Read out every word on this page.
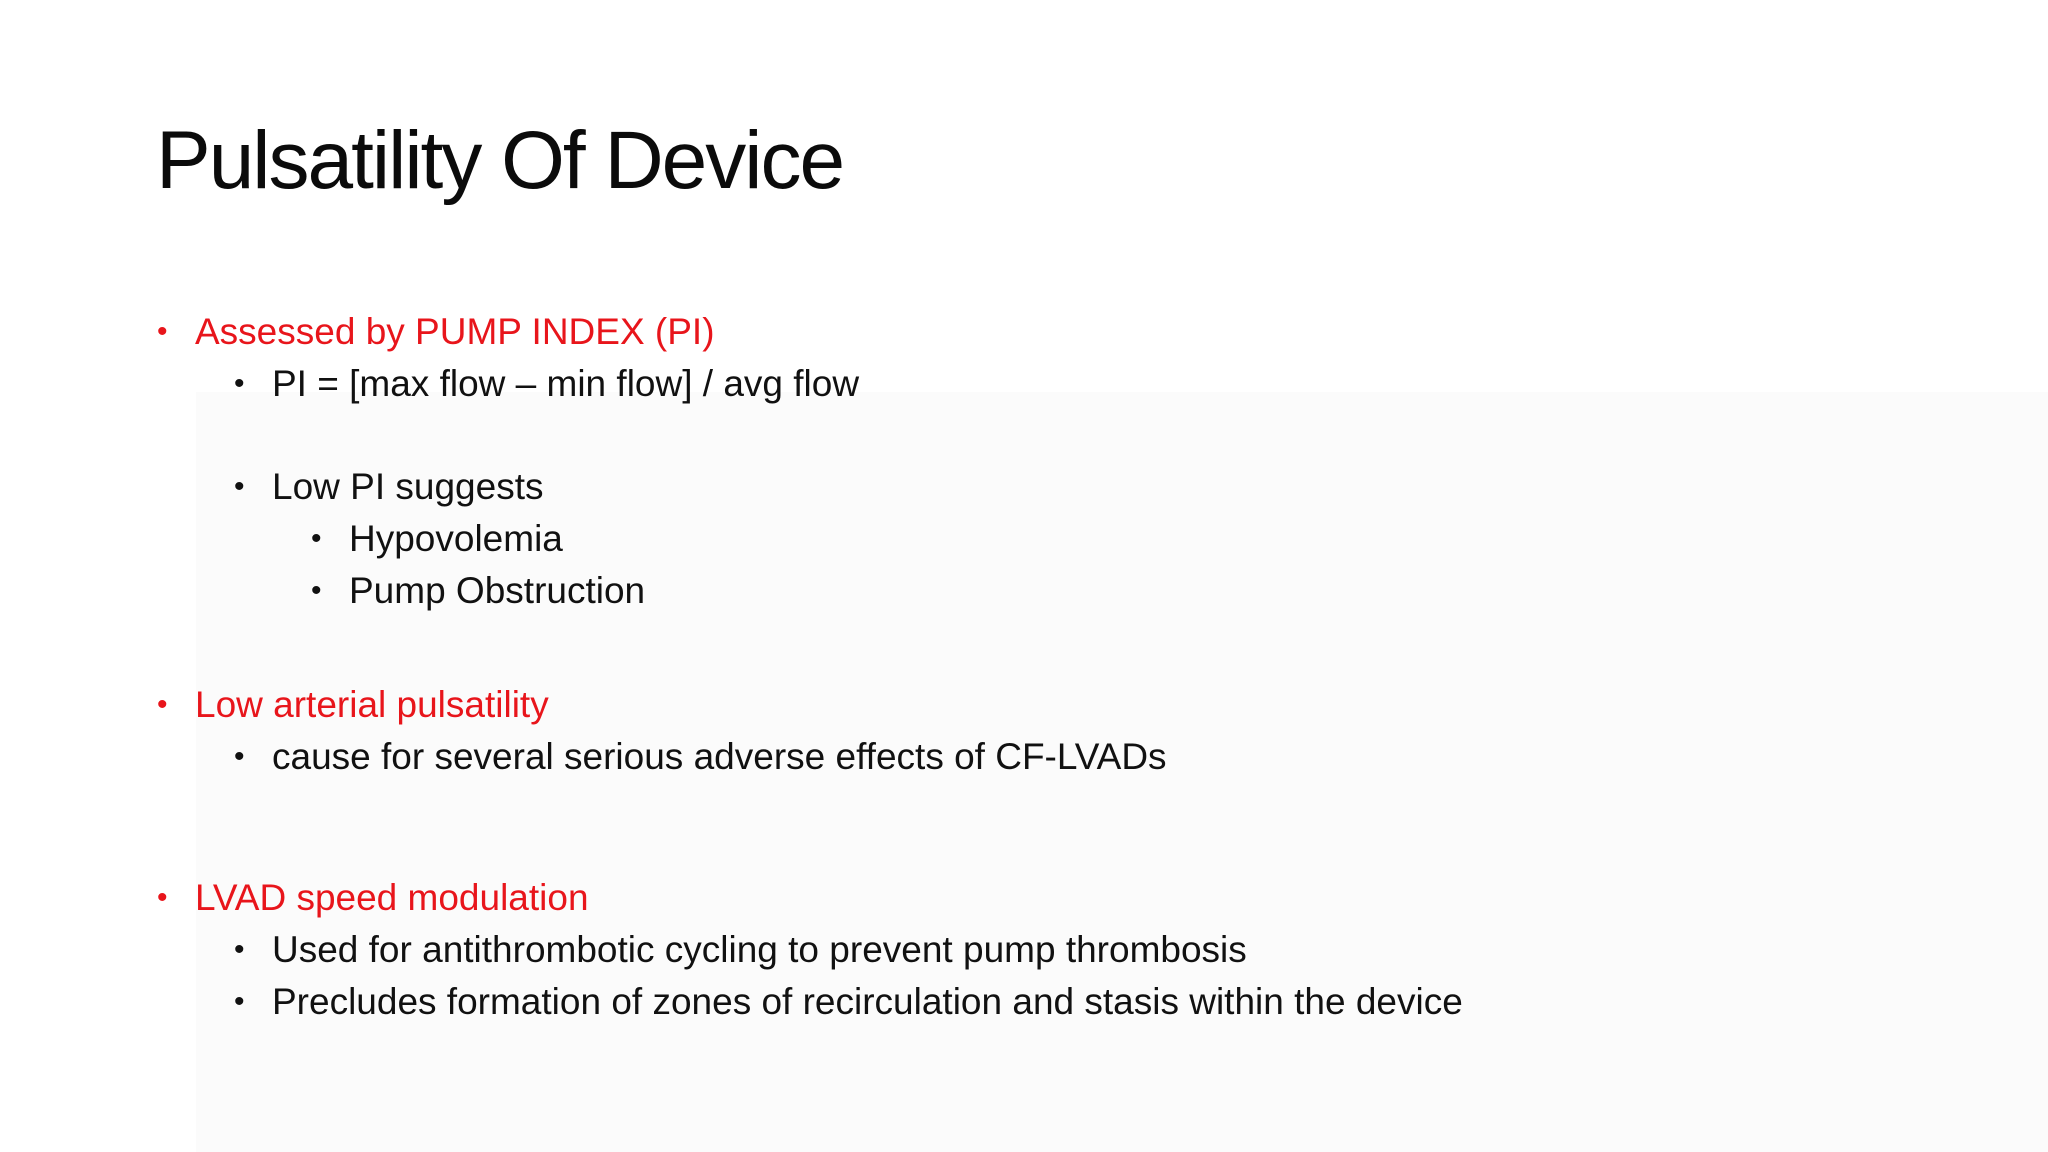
Pulsatility Of Device
• Assessed by PUMP INDEX (PI)
• PI = [max flow – min flow] / avg flow
• Low PI suggests
• Hypovolemia
• Pump Obstruction
• Low arterial pulsatility
• cause for several serious adverse effects of CF-LVADs
• LVAD speed modulation
• Used for antithrombotic cycling to prevent pump thrombosis
• Precludes formation of zones of recirculation and stasis within the device
